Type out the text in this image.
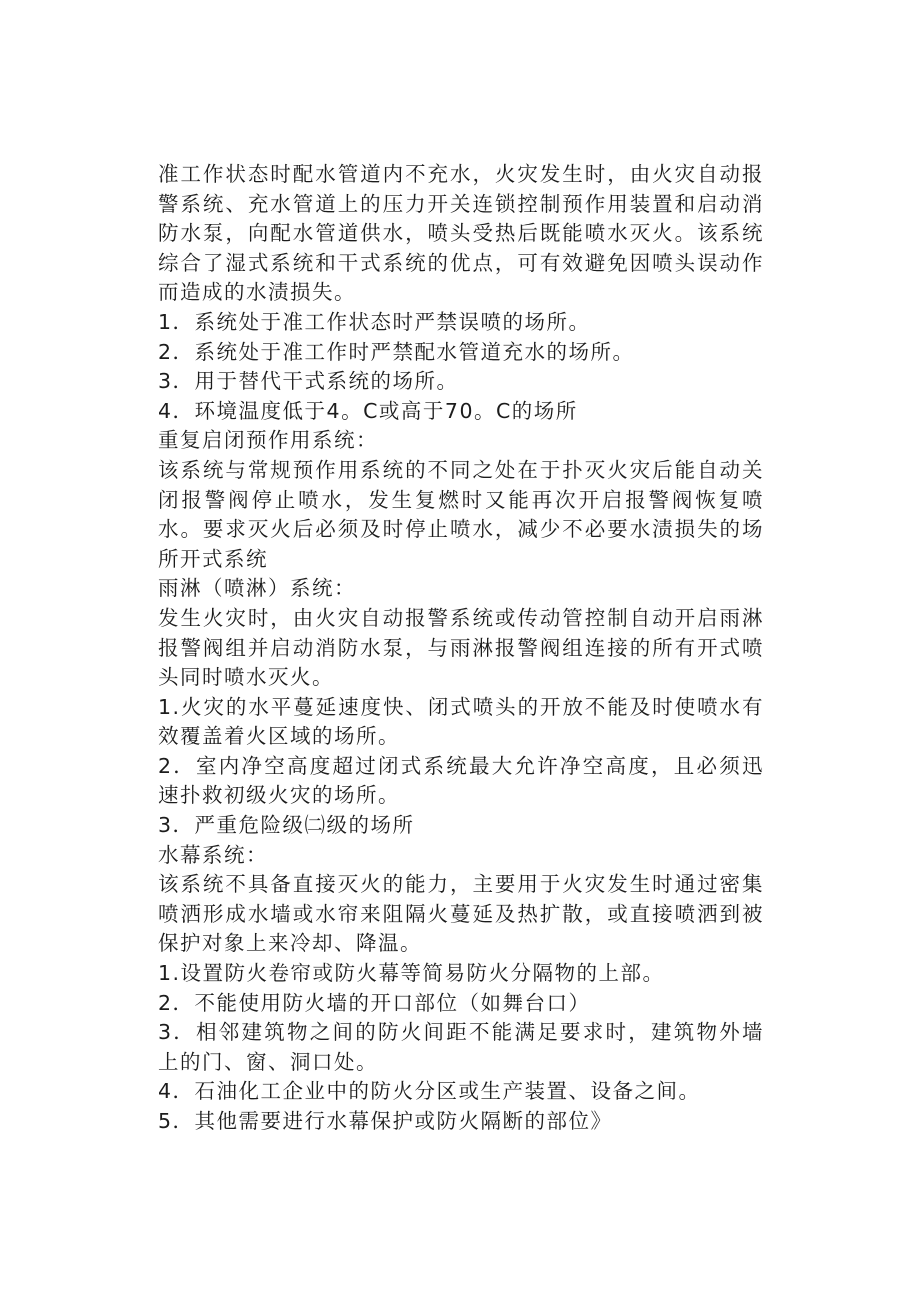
准工作状态时配水管道内不充水，火灾发生时，由火灾自动报警系统、充水管道上的压力开关连锁控制预作用装置和启动消防水泵，向配水管道供水，喷头受热后既能喷水灭火。该系统综合了湿式系统和干式系统的优点，可有效避免因喷头误动作而造成的水渍损失。

1．系统处于准工作状态时严禁误喷的场所。

2．系统处于准工作时严禁配水管道充水的场所。

3．用于替代干式系统的场所。

4．环境温度低于4。C或高于70。C的场所

重复启闭预作用系统：

该系统与常规预作用系统的不同之处在于扑灭火灾后能自动关闭报警阀停止喷水，发生复燃时又能再次开启报警阀恢复喷水。要求灭火后必须及时停止喷水，减少不必要水渍损失的场所开式系统

雨淋（喷淋）系统：

发生火灾时，由火灾自动报警系统或传动管控制自动开启雨淋报警阀组并启动消防水泵，与雨淋报警阀组连接的所有开式喷头同时喷水灭火。

1.火灾的水平蔓延速度快、闭式喷头的开放不能及时使喷水有效覆盖着火区域的场所。

2．室内净空高度超过闭式系统最大允许净空高度，且必须迅速扑救初级火灾的场所。

3．严重危险级㈡级的场所

水幕系统：

该系统不具备直接灭火的能力，主要用于火灾发生时通过密集喷洒形成水墙或水帘来阻隔火蔓延及热扩散，或直接喷洒到被保护对象上来冷却、降温。

1.设置防火卷帘或防火幕等简易防火分隔物的上部。

2．不能使用防火墙的开口部位（如舞台口）

3．相邻建筑物之间的防火间距不能满足要求时，建筑物外墙上的门、窗、洞口处。

4．石油化工企业中的防火分区或生产装置、设备之间。

5．其他需要进行水幕保护或防火隔断的部位》
